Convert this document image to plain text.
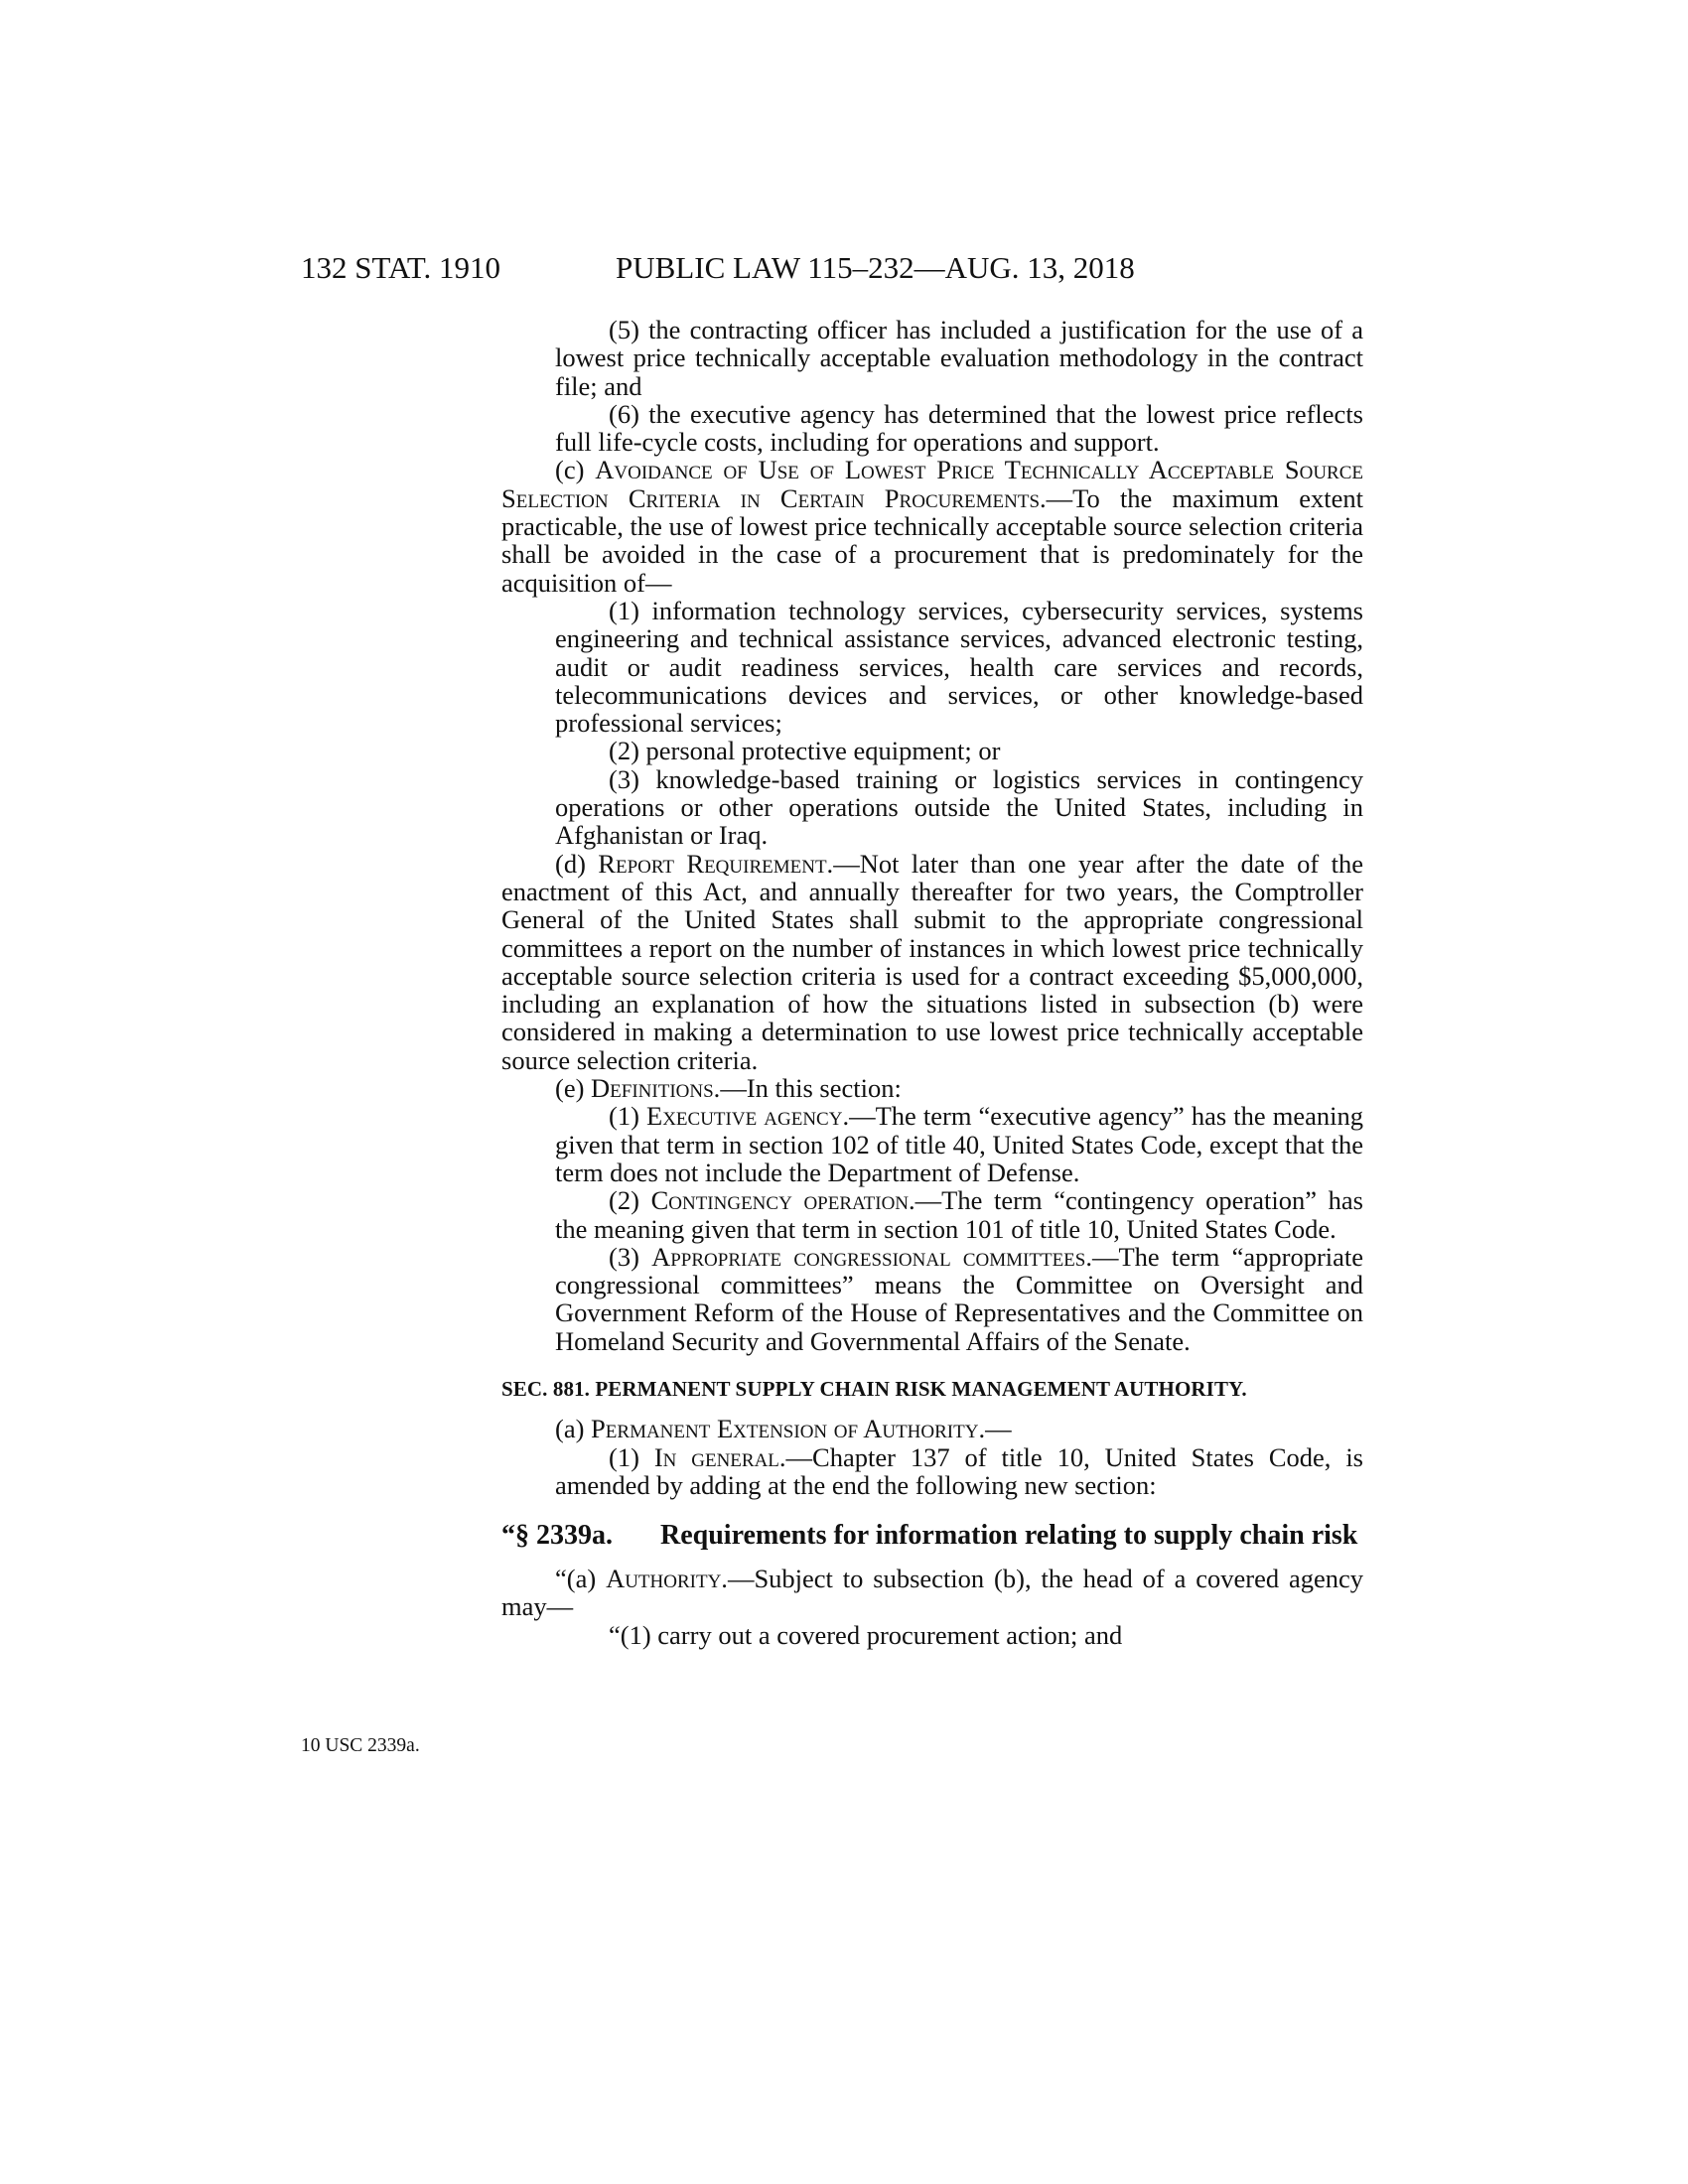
132 STAT. 1910	PUBLIC LAW 115–232—AUG. 13, 2018
10 USC 2339a.

(5) the contracting officer has included a justification for the use of a lowest price technically acceptable evaluation methodology in the contract file; and

(6) the executive agency has determined that the lowest price reflects full life-cycle costs, including for operations and support.

(c) Avoidance of Use of Lowest Price Technically Acceptable Source Selection Criteria in Certain Procurements.—To the maximum extent practicable, the use of lowest price technically acceptable source selection criteria shall be avoided in the case of a procurement that is predominately for the acquisition of—

(1) information technology services, cybersecurity services, systems engineering and technical assistance services, advanced electronic testing, audit or audit readiness services, health care services and records, telecommunications devices and services, or other knowledge-based professional services;

(2) personal protective equipment; or

(3) knowledge-based training or logistics services in contingency operations or other operations outside the United States, including in Afghanistan or Iraq.

(d) Report Requirement.—Not later than one year after the date of the enactment of this Act, and annually thereafter for two years, the Comptroller General of the United States shall submit to the appropriate congressional committees a report on the number of instances in which lowest price technically acceptable source selection criteria is used for a contract exceeding $5,000,000, including an explanation of how the situations listed in subsection (b) were considered in making a determination to use lowest price technically acceptable source selection criteria.

(e) Definitions.—In this section:

(1) Executive agency.—The term “executive agency” has the meaning given that term in section 102 of title 40, United States Code, except that the term does not include the Department of Defense.

(2) Contingency operation.—The term “contingency operation” has the meaning given that term in section 101 of title 10, United States Code.

(3) Appropriate congressional committees.—The term “appropriate congressional committees” means the Committee on Oversight and Government Reform of the House of Representatives and the Committee on Homeland Security and Governmental Affairs of the Senate.

SEC. 881. PERMANENT SUPPLY CHAIN RISK MANAGEMENT AUTHORITY.

(a) Permanent Extension of Authority.—

(1) In general.—Chapter 137 of title 10, United States Code, is amended by adding at the end the following new section:

“§ 2339a. Requirements for information relating to supply chain risk

“(a) Authority.—Subject to subsection (b), the head of a covered agency may—

“(1) carry out a covered procurement action; and
